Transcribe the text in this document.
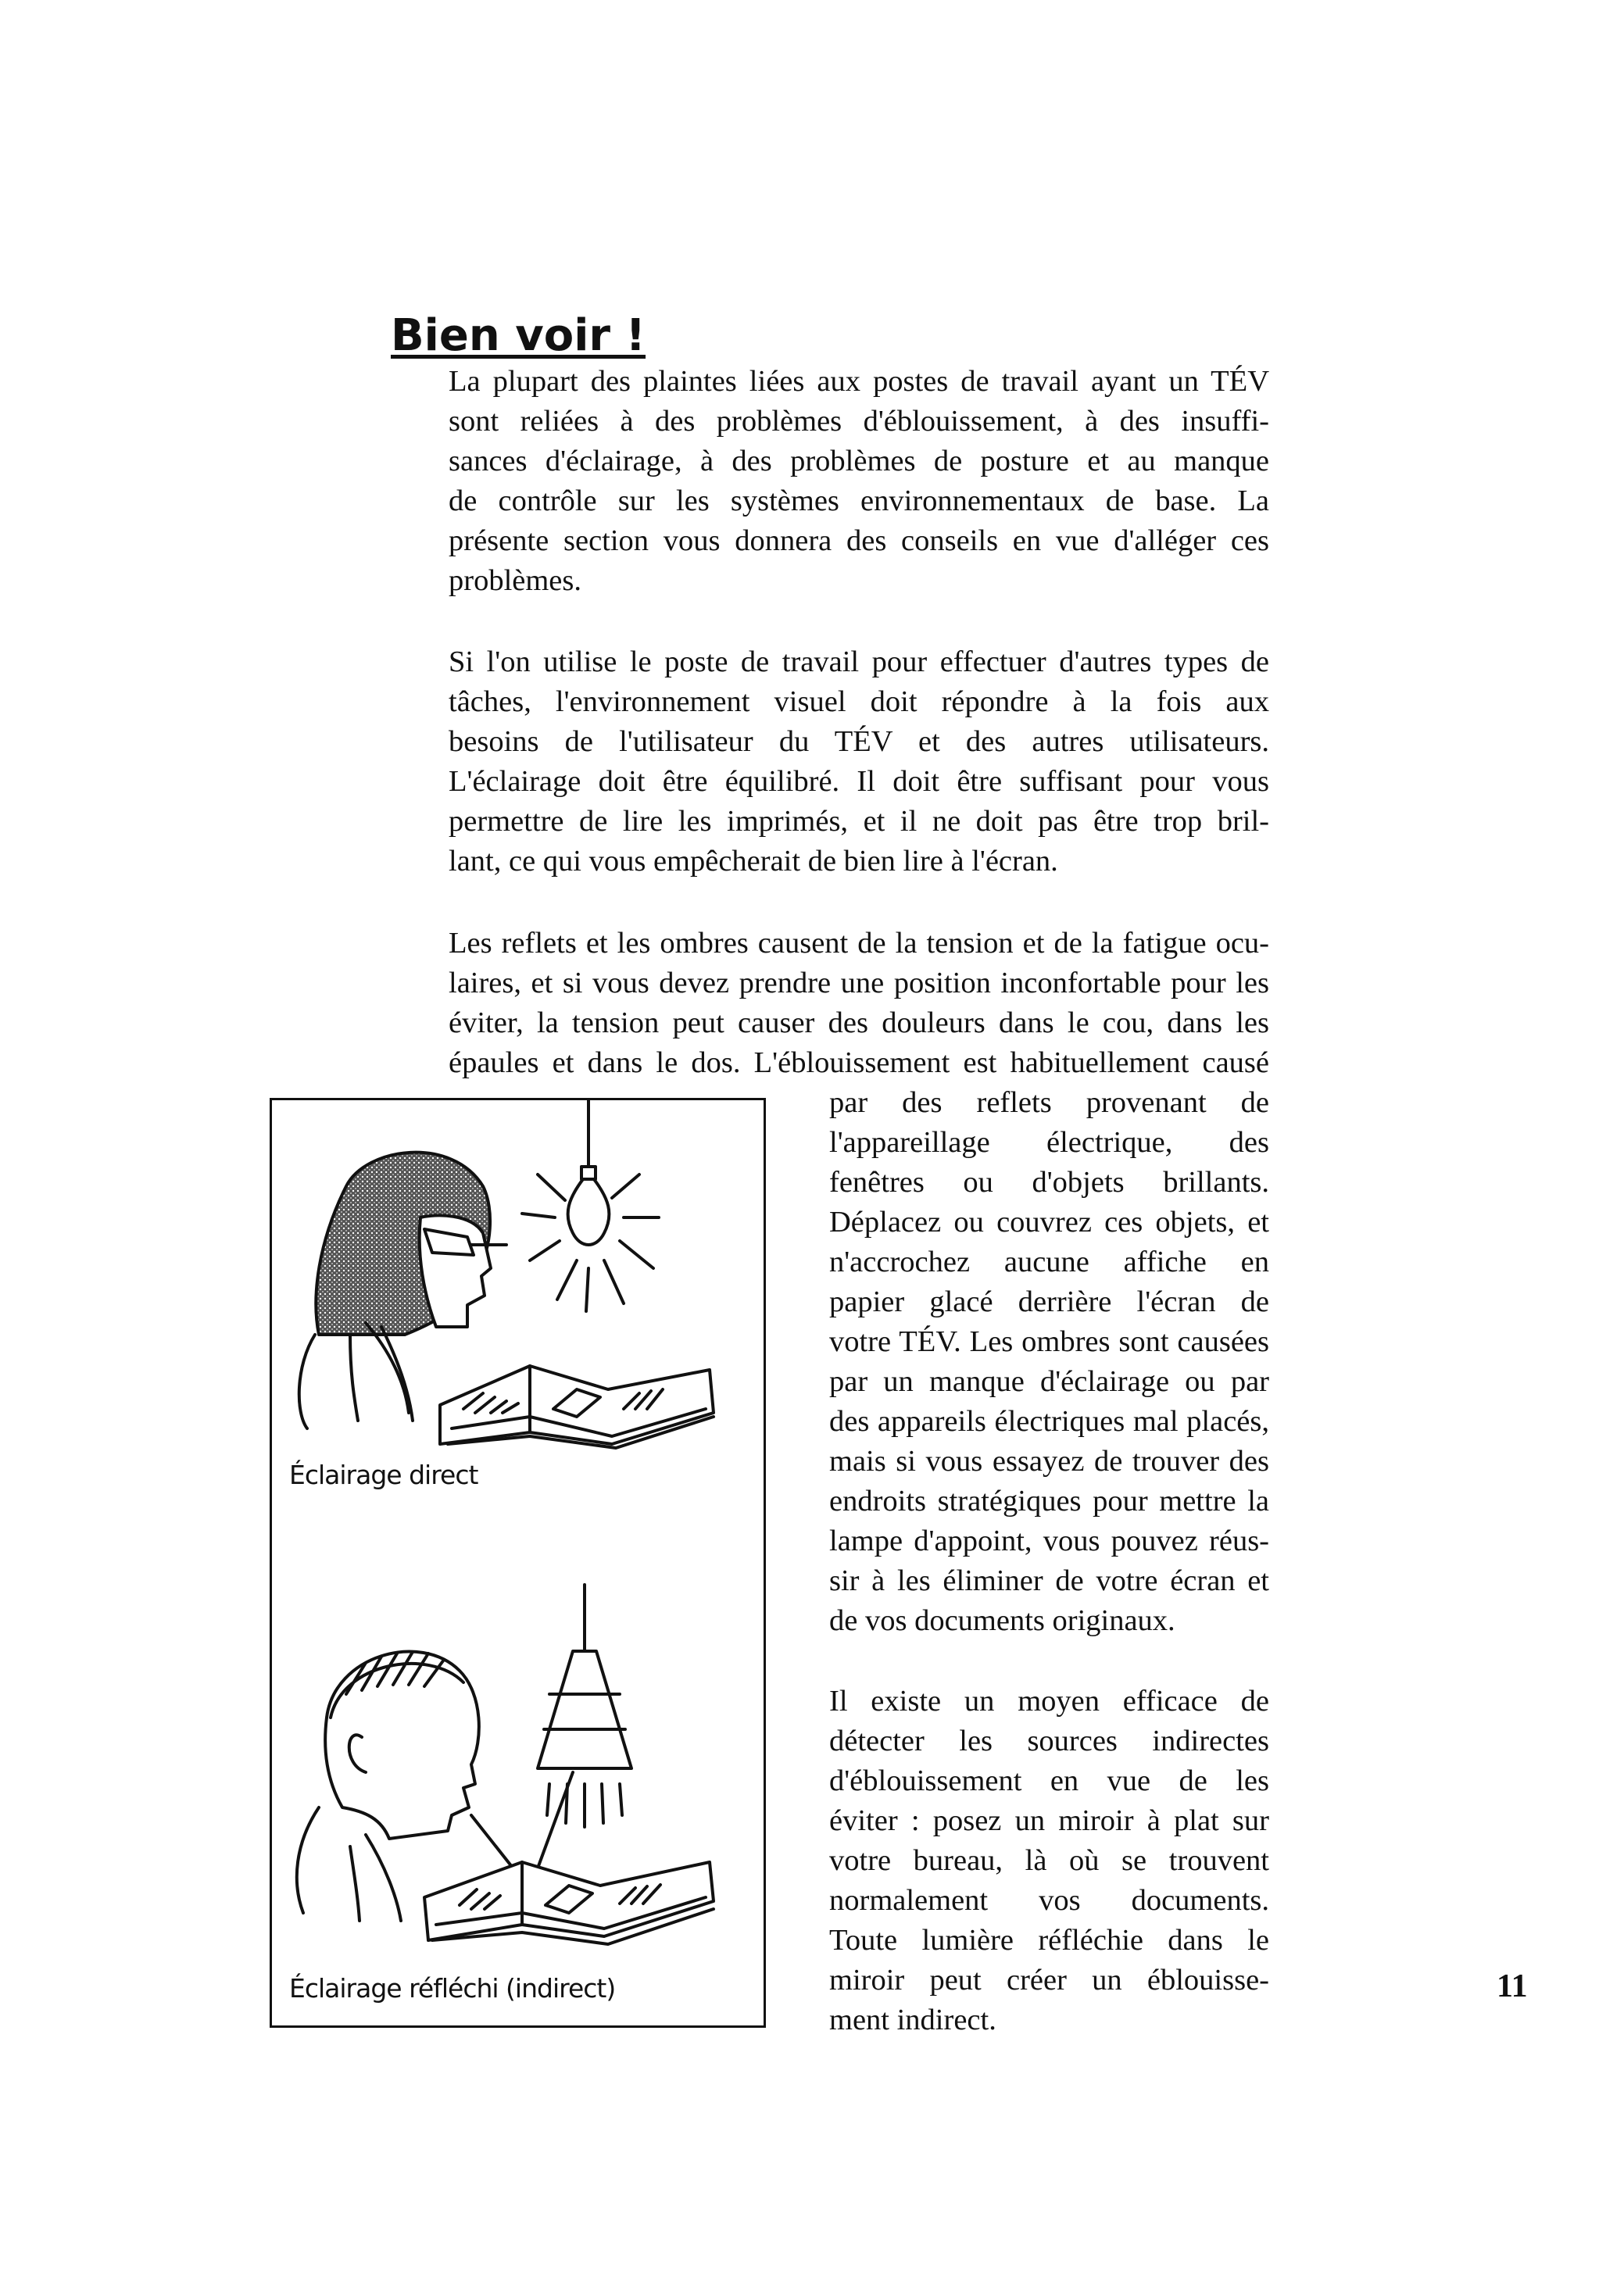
Bien voir !
La plupart des plaintes liées aux postes de travail ayant un TÉV
sont reliées à des problèmes d'éblouissement, à des insuffi-
sances d'éclairage, à des problèmes de posture et au manque
de contrôle sur les systèmes environnementaux de base. La
présente section vous donnera des conseils en vue d'alléger ces
problèmes.
Si l'on utilise le poste de travail pour effectuer d'autres types de
tâches, l'environnement visuel doit répondre à la fois aux
besoins de l'utilisateur du TÉV et des autres utilisateurs.
L'éclairage doit être équilibré. Il doit être suffisant pour vous
permettre de lire les imprimés, et il ne doit pas être trop bril-
lant, ce qui vous empêcherait de bien lire à l'écran.
Les reflets et les ombres causent de la tension et de la fatigue ocu-
laires, et si vous devez prendre une position inconfortable pour les
éviter, la tension peut causer des douleurs dans le cou, dans les
épaules et dans le dos. L'éblouissement est habituellement causé
par des reflets provenant de
l'appareillage électrique, des
fenêtres ou d'objets brillants.
Déplacez ou couvrez ces objets, et
n'accrochez aucune affiche en
papier glacé derrière l'écran de
votre TÉV. Les ombres sont causées
par un manque d'éclairage ou par
des appareils électriques mal placés,
mais si vous essayez de trouver des
endroits stratégiques pour mettre la
lampe d'appoint, vous pouvez réus-
sir à les éliminer de votre écran et
de vos documents originaux.
Il existe un moyen efficace de
détecter les sources indirectes
d'éblouissement en vue de les
éviter : posez un miroir à plat sur
votre bureau, là où se trouvent
normalement vos documents.
Toute lumière réfléchie dans le
miroir peut créer un éblouisse-
ment indirect.
Éclairage direct
Éclairage réfléchi (indirect)	11
